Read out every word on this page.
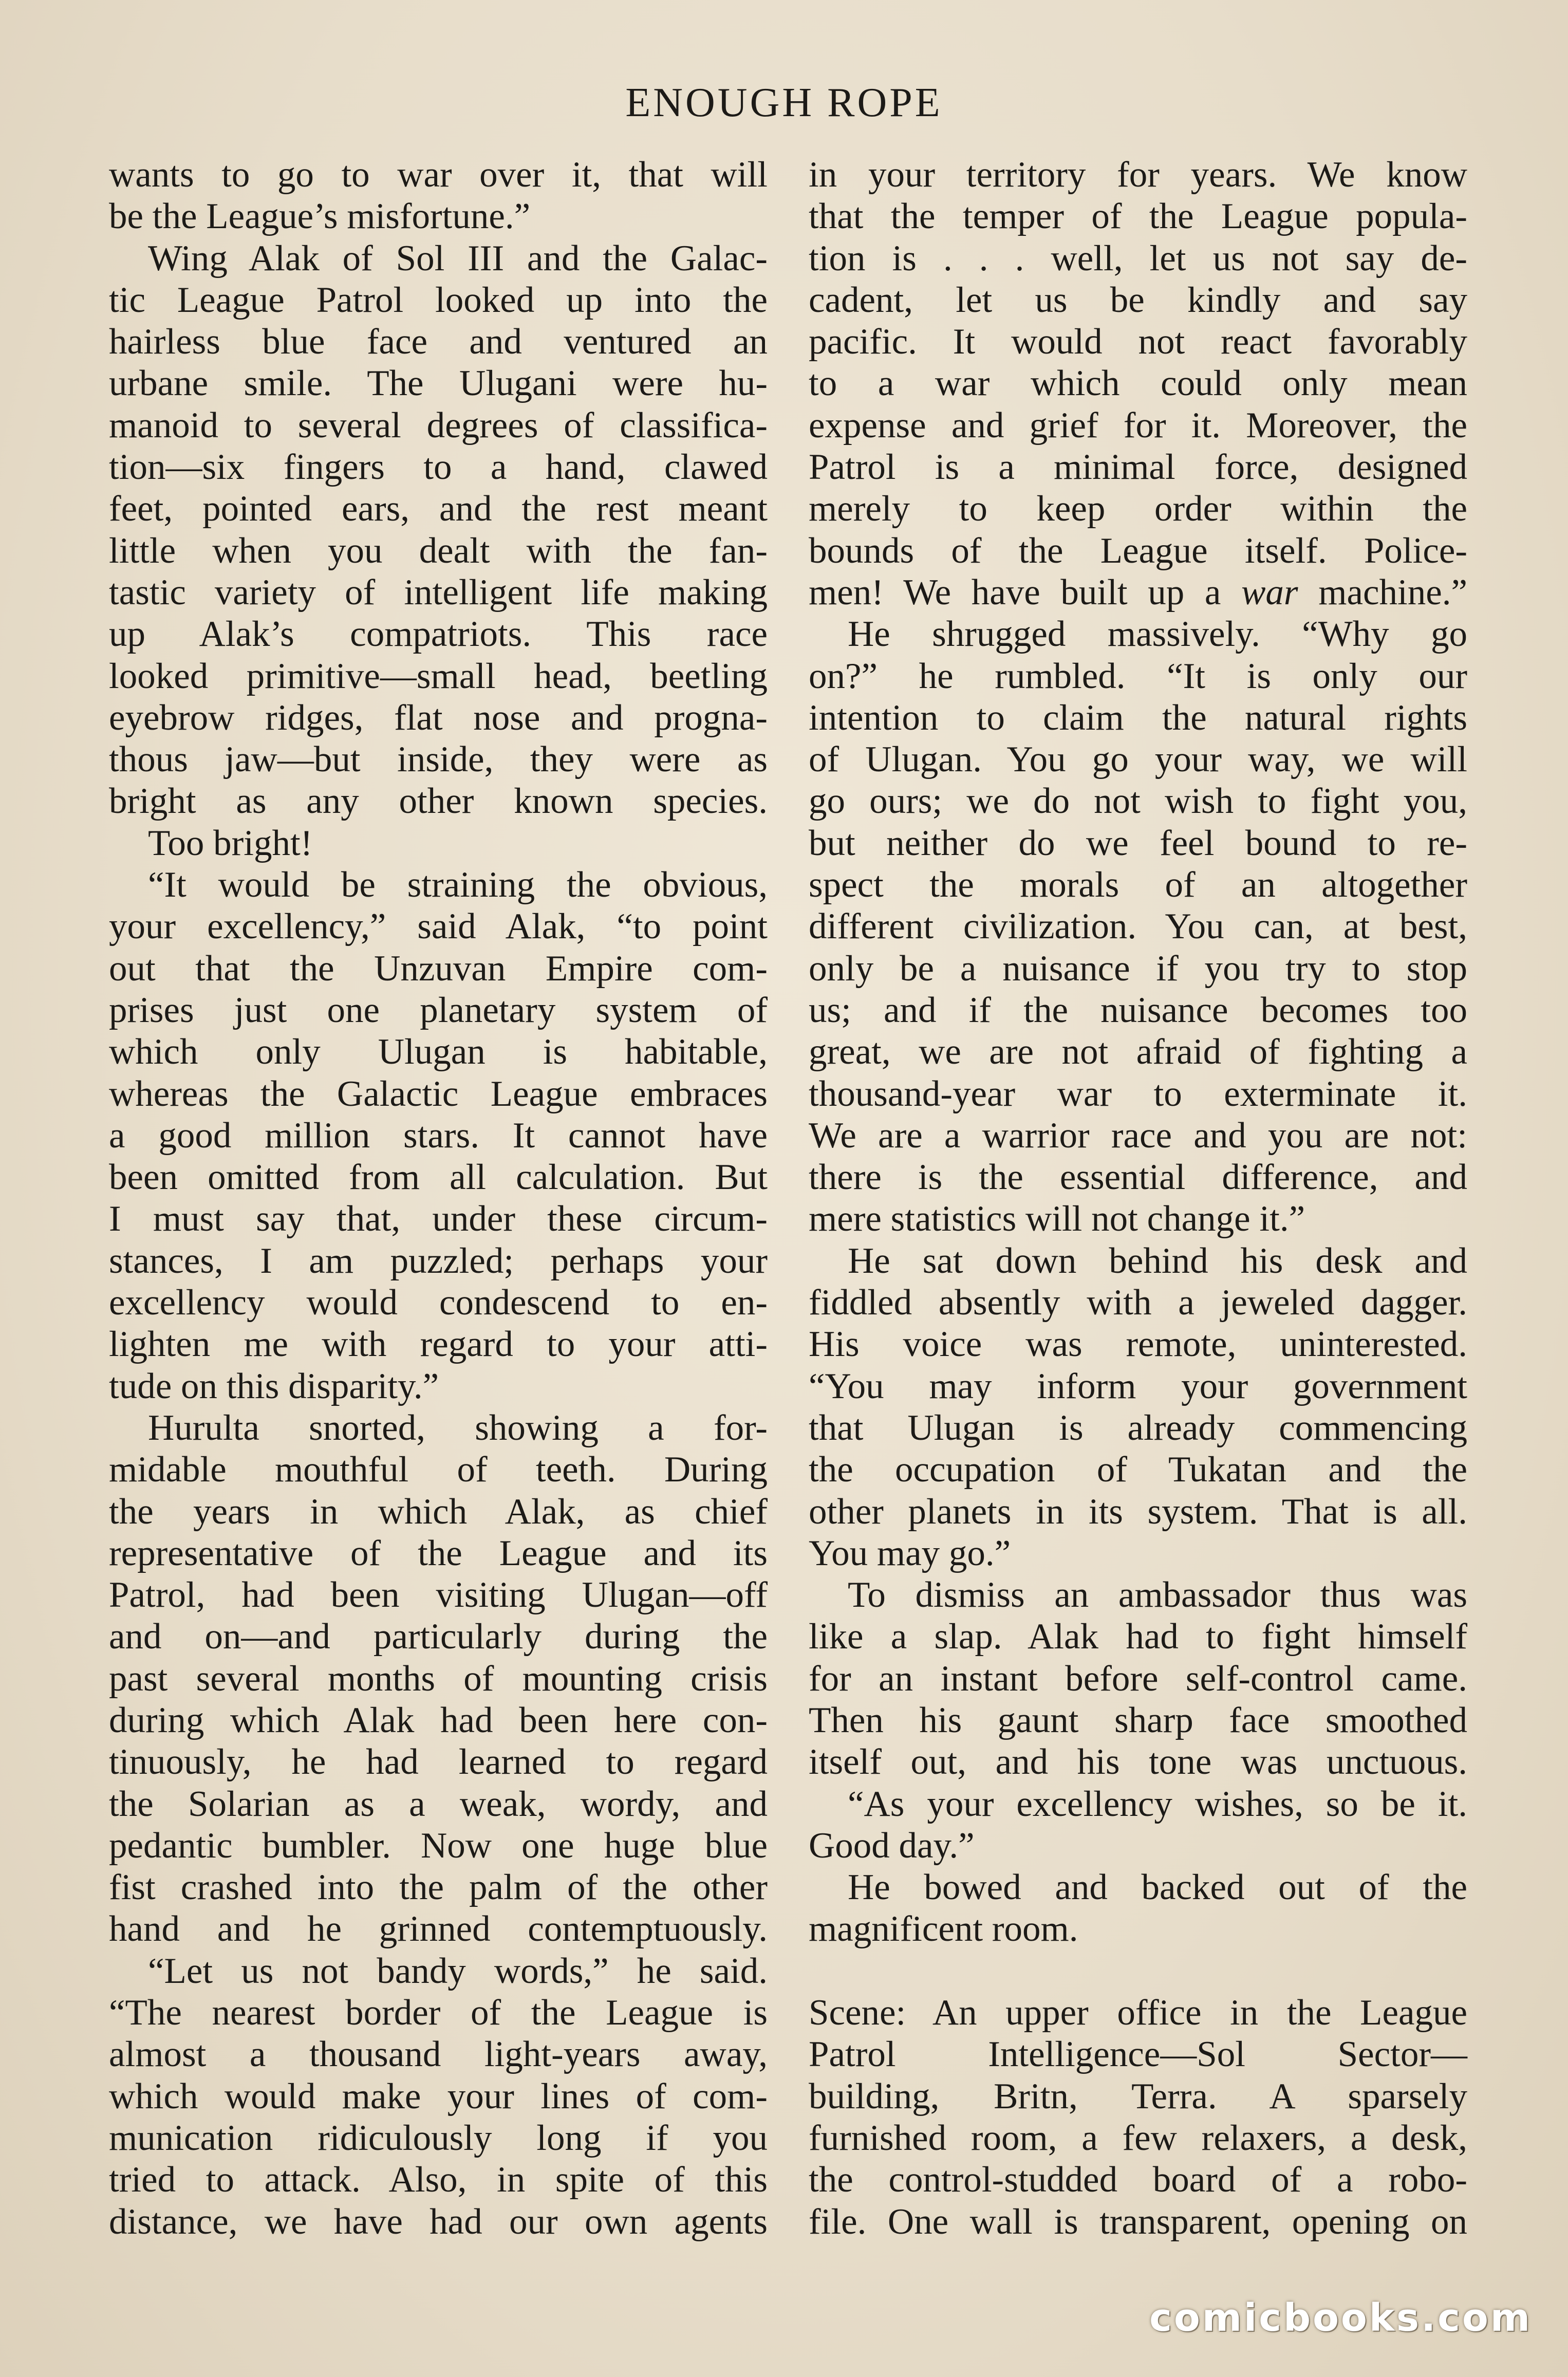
ENOUGH ROPE
wants to go to war over it, that will
be the League’s misfortune.”
Wing Alak of Sol III and the Galac-
tic League Patrol looked up into the
hairless blue face and ventured an
urbane smile. The Ulugani were hu-
manoid to several degrees of classifica-
tion—six fingers to a hand, clawed
feet, pointed ears, and the rest meant
little when you dealt with the fan-
tastic variety of intelligent life making
up Alak’s compatriots. This race
looked primitive—small head, beetling
eyebrow ridges, flat nose and progna-
thous jaw—but inside, they were as
bright as any other known species.
Too bright!
“It would be straining the obvious,
your excellency,” said Alak, “to point
out that the Unzuvan Empire com-
prises just one planetary system of
which only Ulugan is habitable,
whereas the Galactic League embraces
a good million stars. It cannot have
been omitted from all calculation. But
I must say that, under these circum-
stances, I am puzzled; perhaps your
excellency would condescend to en-
lighten me with regard to your atti-
tude on this disparity.”
Hurulta snorted, showing a for-
midable mouthful of teeth. During
the years in which Alak, as chief
representative of the League and its
Patrol, had been visiting Ulugan—off
and on—and particularly during the
past several months of mounting crisis
during which Alak had been here con-
tinuously, he had learned to regard
the Solarian as a weak, wordy, and
pedantic bumbler. Now one huge blue
fist crashed into the palm of the other
hand and he grinned contemptuously.
“Let us not bandy words,” he said.
“The nearest border of the League is
almost a thousand light-years away,
which would make your lines of com-
munication ridiculously long if you
tried to attack. Also, in spite of this
distance, we have had our own agents
in your territory for years. We know
that the temper of the League popula-
tion is . . . well, let us not say de-
cadent, let us be kindly and say
pacific. It would not react favorably
to a war which could only mean
expense and grief for it. Moreover, the
Patrol is a minimal force, designed
merely to keep order within the
bounds of the League itself. Police-
men! We have built up a war machine.”
He shrugged massively. “Why go
on?” he rumbled. “It is only our
intention to claim the natural rights
of Ulugan. You go your way, we will
go ours; we do not wish to fight you,
but neither do we feel bound to re-
spect the morals of an altogether
different civilization. You can, at best,
only be a nuisance if you try to stop
us; and if the nuisance becomes too
great, we are not afraid of fighting a
thousand-year war to exterminate it.
We are a warrior race and you are not:
there is the essential difference, and
mere statistics will not change it.”
He sat down behind his desk and
fiddled absently with a jeweled dagger.
His voice was remote, uninterested.
“You may inform your government
that Ulugan is already commencing
the occupation of Tukatan and the
other planets in its system. That is all.
You may go.”
To dismiss an ambassador thus was
like a slap. Alak had to fight himself
for an instant before self-control came.
Then his gaunt sharp face smoothed
itself out, and his tone was unctuous.
“As your excellency wishes, so be it.
Good day.”
He bowed and backed out of the
magnificent room.
Scene: An upper office in the League
Patrol Intelligence—Sol Sector—
building, Britn, Terra. A sparsely
furnished room, a few relaxers, a desk,
the control-studded board of a robo-
file. One wall is transparent, opening on
comicbooks.com
